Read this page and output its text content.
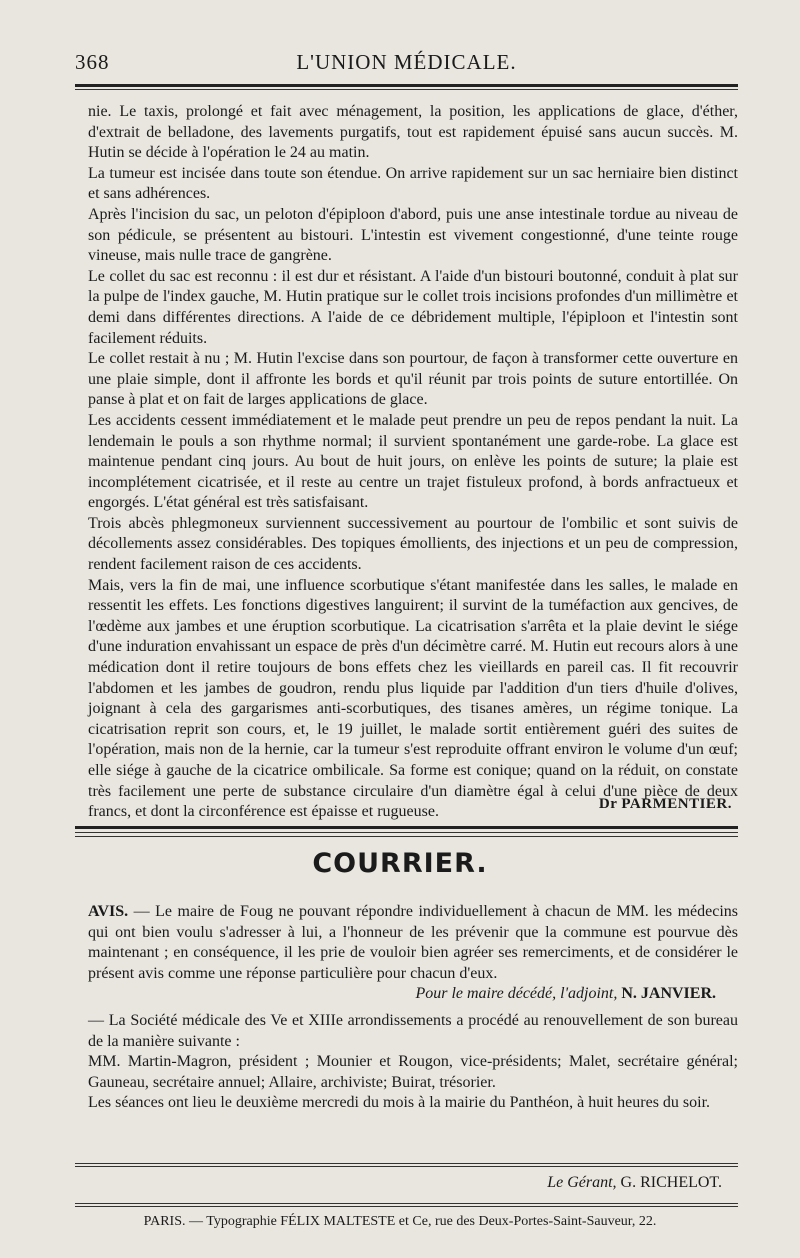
368	L'UNION MÉDICALE.

nie. Le taxis, prolongé et fait avec ménagement, la position, les applications de glace, d'éther, d'extrait de belladone, des lavements purgatifs, tout est rapidement épuisé sans aucun succès. M. Hutin se décide à l'opération le 24 au matin.

La tumeur est incisée dans toute son étendue. On arrive rapidement sur un sac herniaire bien distinct et sans adhérences.

Après l'incision du sac, un peloton d'épiploon d'abord, puis une anse intestinale tordue au niveau de son pédicule, se présentent au bistouri. L'intestin est vivement congestionné, d'une teinte rouge vineuse, mais nulle trace de gangrène.

Le collet du sac est reconnu : il est dur et résistant. A l'aide d'un bistouri boutonné, conduit à plat sur la pulpe de l'index gauche, M. Hutin pratique sur le collet trois incisions profondes d'un millimètre et demi dans différentes directions. A l'aide de ce débridement multiple, l'épiploon et l'intestin sont facilement réduits.

Le collet restait à nu ; M. Hutin l'excise dans son pourtour, de façon à transformer cette ouverture en une plaie simple, dont il affronte les bords et qu'il réunit par trois points de suture entortillée. On panse à plat et on fait de larges applications de glace.

Les accidents cessent immédiatement et le malade peut prendre un peu de repos pendant la nuit. La lendemain le pouls a son rhythme normal; il survient spontanément une garde-robe. La glace est maintenue pendant cinq jours. Au bout de huit jours, on enlève les points de suture; la plaie est incomplétement cicatrisée, et il reste au centre un trajet fistuleux profond, à bords anfractueux et engorgés. L'état général est très satisfaisant.

Trois abcès phlegmoneux surviennent successivement au pourtour de l'ombilic et sont suivis de décollements assez considérables. Des topiques émollients, des injections et un peu de compression, rendent facilement raison de ces accidents.

Mais, vers la fin de mai, une influence scorbutique s'étant manifestée dans les salles, le malade en ressentit les effets. Les fonctions digestives languirent; il survint de la tuméfaction aux gencives, de l'œdème aux jambes et une éruption scorbutique. La cicatrisation s'arrêta et la plaie devint le siége d'une induration envahissant un espace de près d'un décimètre carré. M. Hutin eut recours alors à une médication dont il retire toujours de bons effets chez les vieillards en pareil cas. Il fit recouvrir l'abdomen et les jambes de goudron, rendu plus liquide par l'addition d'un tiers d'huile d'olives, joignant à cela des gargarismes anti-scorbutiques, des tisanes amères, un régime tonique. La cicatrisation reprit son cours, et, le 19 juillet, le malade sortit entièrement guéri des suites de l'opération, mais non de la hernie, car la tumeur s'est reproduite offrant environ le volume d'un œuf; elle siége à gauche de la cicatrice ombilicale. Sa forme est conique; quand on la réduit, on constate très facilement une perte de substance circulaire d'un diamètre égal à celui d'une pièce de deux francs, et dont la circonférence est épaisse et rugueuse.	Dr PARMENTIER.
COURRIER.

AVIS. — Le maire de Foug ne pouvant répondre individuellement à chacun de MM. les médecins qui ont bien voulu s'adresser à lui, a l'honneur de les prévenir que la commune est pourvue dès maintenant ; en conséquence, il les prie de vouloir bien agréer ses remerciments, et de considérer le présent avis comme une réponse particulière pour chacun d'eux.

Pour le maire décédé, l'adjoint, N. JANVIER.

— La Société médicale des Ve et XIIIe arrondissements a procédé au renouvellement de son bureau de la manière suivante :

MM. Martin-Magron, président ; Mounier et Rougon, vice-présidents; Malet, secrétaire général; Gauneau, secrétaire annuel; Allaire, archiviste; Buirat, trésorier.

Les séances ont lieu le deuxième mercredi du mois à la mairie du Panthéon, à huit heures du soir.

Le Gérant, G. RICHELOT.
PARIS. — Typographie FÉLIX MALTESTE et Ce, rue des Deux-Portes-Saint-Sauveur, 22.
